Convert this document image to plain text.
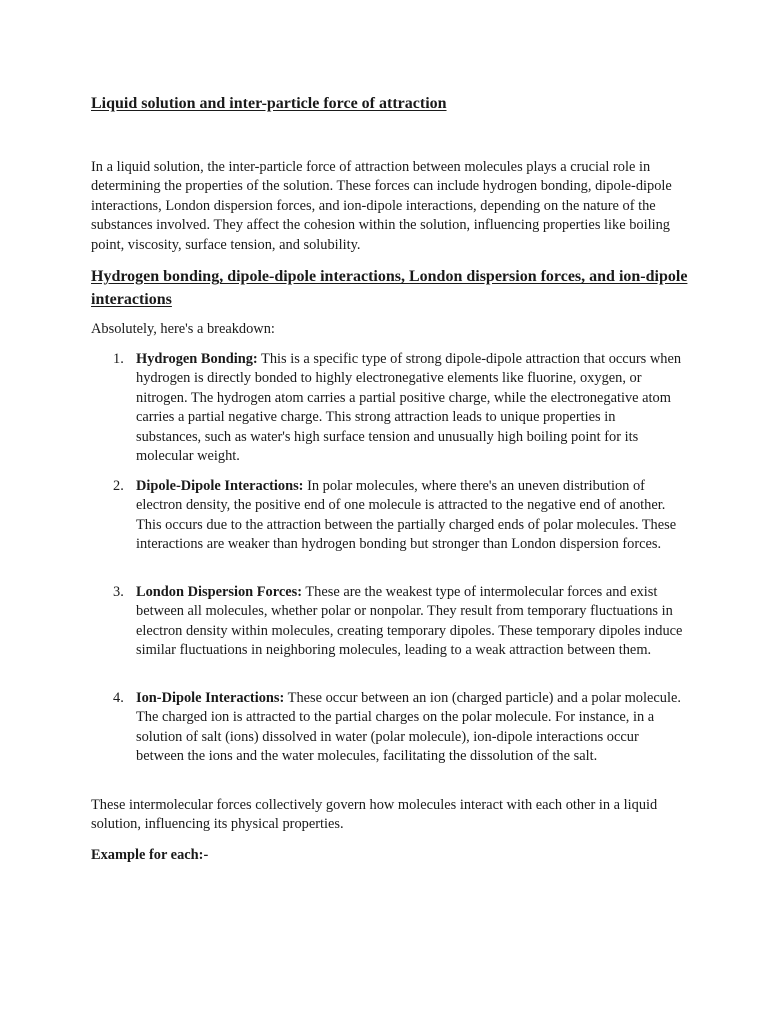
Liquid solution and inter-particle force of attraction

In a liquid solution, the inter-particle force of attraction between molecules plays a crucial role in determining the properties of the solution. These forces can include hydrogen bonding, dipole-dipole interactions, London dispersion forces, and ion-dipole interactions, depending on the nature of the substances involved. They affect the cohesion within the solution, influencing properties like boiling point, viscosity, surface tension, and solubility.

Hydrogen bonding, dipole-dipole interactions, London dispersion forces, and ion-dipole interactions

Absolutely, here's a breakdown:

1. Hydrogen Bonding: This is a specific type of strong dipole-dipole attraction that occurs when hydrogen is directly bonded to highly electronegative elements like fluorine, oxygen, or nitrogen. The hydrogen atom carries a partial positive charge, while the electronegative atom carries a partial negative charge. This strong attraction leads to unique properties in substances, such as water's high surface tension and unusually high boiling point for its molecular weight.
2. Dipole-Dipole Interactions: In polar molecules, where there's an uneven distribution of electron density, the positive end of one molecule is attracted to the negative end of another. This occurs due to the attraction between the partially charged ends of polar molecules. These interactions are weaker than hydrogen bonding but stronger than London dispersion forces.
3. London Dispersion Forces: These are the weakest type of intermolecular forces and exist between all molecules, whether polar or nonpolar. They result from temporary fluctuations in electron density within molecules, creating temporary dipoles. These temporary dipoles induce similar fluctuations in neighboring molecules, leading to a weak attraction between them.
4. Ion-Dipole Interactions: These occur between an ion (charged particle) and a polar molecule. The charged ion is attracted to the partial charges on the polar molecule. For instance, in a solution of salt (ions) dissolved in water (polar molecule), ion-dipole interactions occur between the ions and the water molecules, facilitating the dissolution of the salt.

These intermolecular forces collectively govern how molecules interact with each other in a liquid solution, influencing its physical properties.

Example for each:-
